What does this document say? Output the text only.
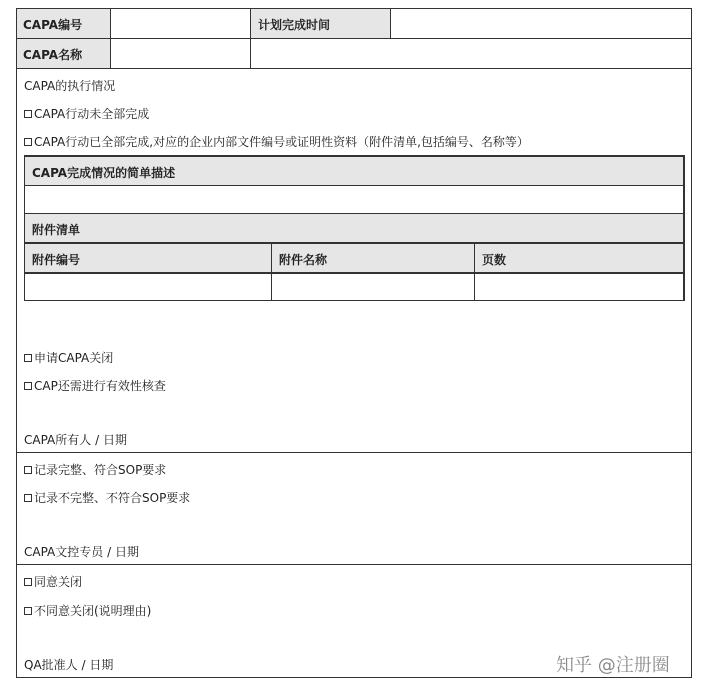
CAPA编号	计划完成时间
CAPA名称
CAPA的执行情况
CAPA行动未全部完成
CAPA行动已全部完成,对应的企业内部文件编号或证明性资料（附件清单,包括编号、名称等）
CAPA完成情况的简单描述
附件清单
附件编号	附件名称	页数
申请CAPA关闭
CAP还需进行有效性核查
CAPA所有人 / 日期
记录完整、符合SOP要求
记录不完整、不符合SOP要求
CAPA文控专员 / 日期
同意关闭
不同意关闭(说明理由)
QA批准人 / 日期	知乎 @注册圈
